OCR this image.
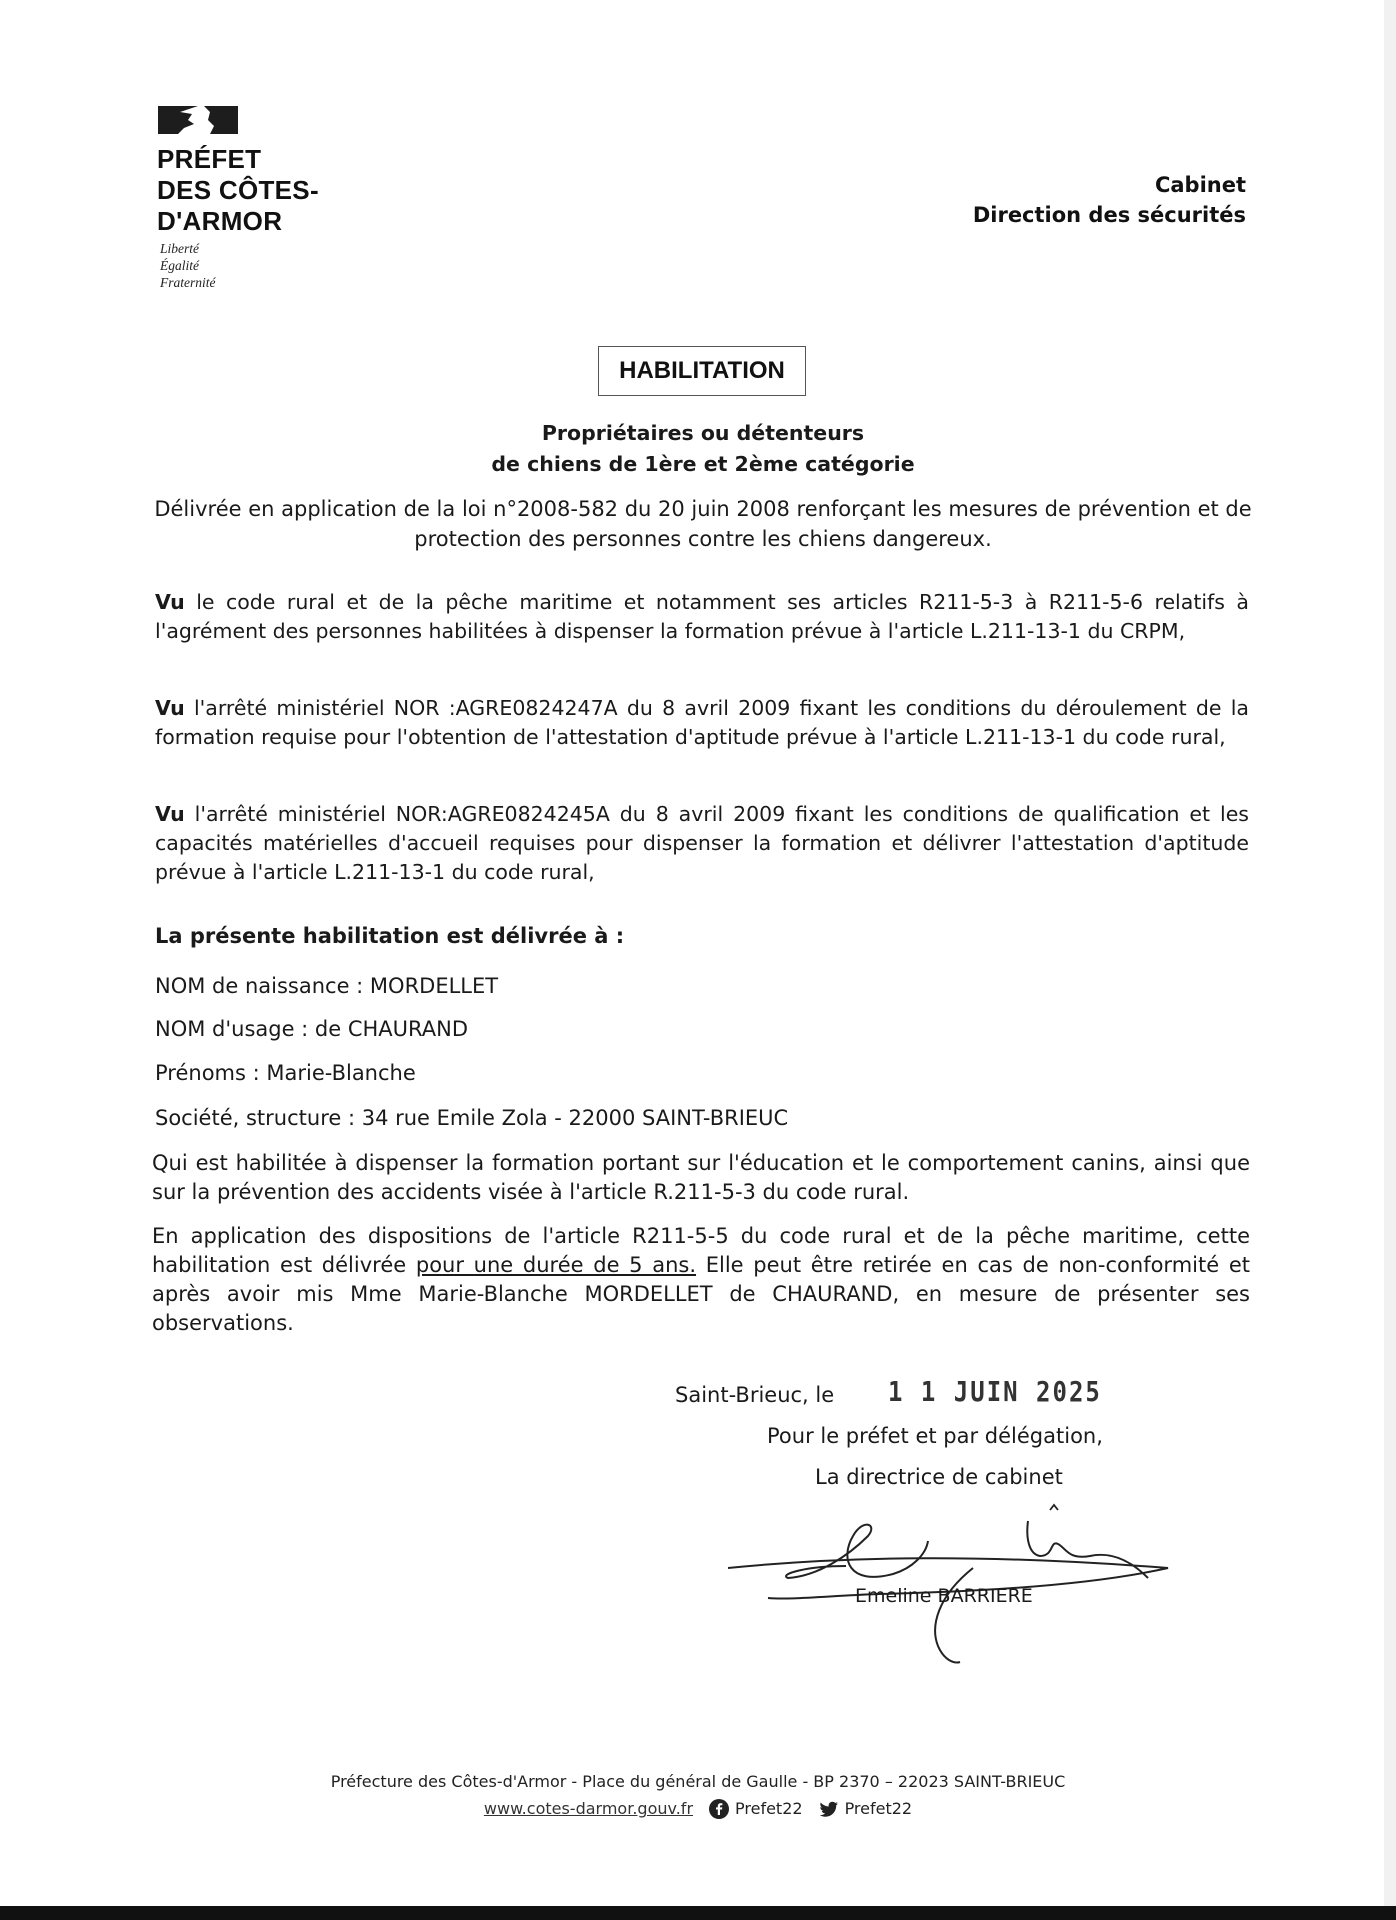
PRÉFET
DES CÔTES-
D'ARMOR
Liberté
Égalité
Fraternité
Cabinet
Direction des sécurités
HABILITATION
Propriétaires ou détenteurs
de chiens de 1ère et 2ème catégorie
Délivrée en application de la loi n°2008-582 du 20 juin 2008 renforçant les mesures de prévention et de protection des personnes contre les chiens dangereux.
Vu le code rural et de la pêche maritime et notamment ses articles R211-5-3 à R211-5-6 relatifs à l'agrément des personnes habilitées à dispenser la formation prévue à l'article L.211-13-1 du CRPM,
Vu l'arrêté ministériel NOR :AGRE0824247A du 8 avril 2009 fixant les conditions du déroulement de la formation requise pour l'obtention de l'attestation d'aptitude prévue à l'article L.211-13-1 du code rural,
Vu l'arrêté ministériel NOR:AGRE0824245A du 8 avril 2009 fixant les conditions de qualification et les capacités matérielles d'accueil requises pour dispenser la formation et délivrer l'attestation d'aptitude prévue à l'article L.211-13-1 du code rural,
La présente habilitation est délivrée à :
NOM de naissance : MORDELLET
NOM d'usage : de CHAURAND
Prénoms : Marie-Blanche
Société, structure : 34 rue Emile Zola - 22000 SAINT-BRIEUC
Qui est habilitée à dispenser la formation portant sur l'éducation et le comportement canins, ainsi que sur la prévention des accidents visée à l'article R.211-5-3 du code rural.
En application des dispositions de l'article R211-5-5 du code rural et de la pêche maritime, cette habilitation est délivrée pour une durée de 5 ans. Elle peut être retirée en cas de non-conformité et après avoir mis Mme Marie-Blanche MORDELLET de CHAURAND, en mesure de présenter ses observations.
Saint-Brieuc, le 1 1 JUIN 2025
Pour le préfet et par délégation,
La directrice de cabinet
Emeline BARRIERE
Préfecture des Côtes-d'Armor - Place du général de Gaulle - BP 2370 – 22023 SAINT-BRIEUC
www.cotes-darmor.gouv.fr	Prefet22	Prefet22
